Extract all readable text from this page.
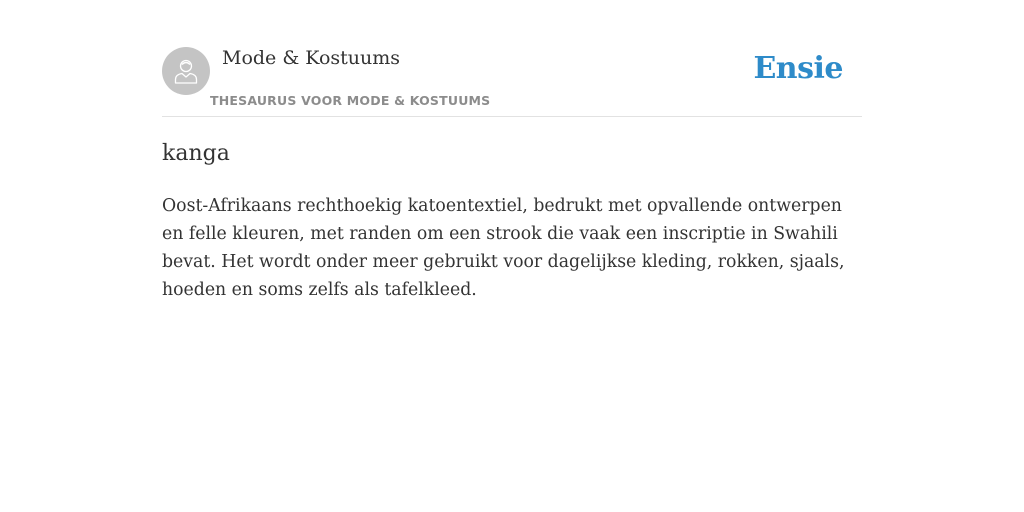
Mode & Kostuums
THESAURUS VOOR MODE & KOSTUUMS
Ensie
kanga

Oost-Afrikaans rechthoekig katoentextiel, bedrukt met opvallende ontwerpen en felle kleuren, met randen om een strook die vaak een inscriptie in Swahili bevat. Het wordt onder meer gebruikt voor dagelijkse kleding, rokken, sjaals, hoeden en soms zelfs als tafelkleed.
